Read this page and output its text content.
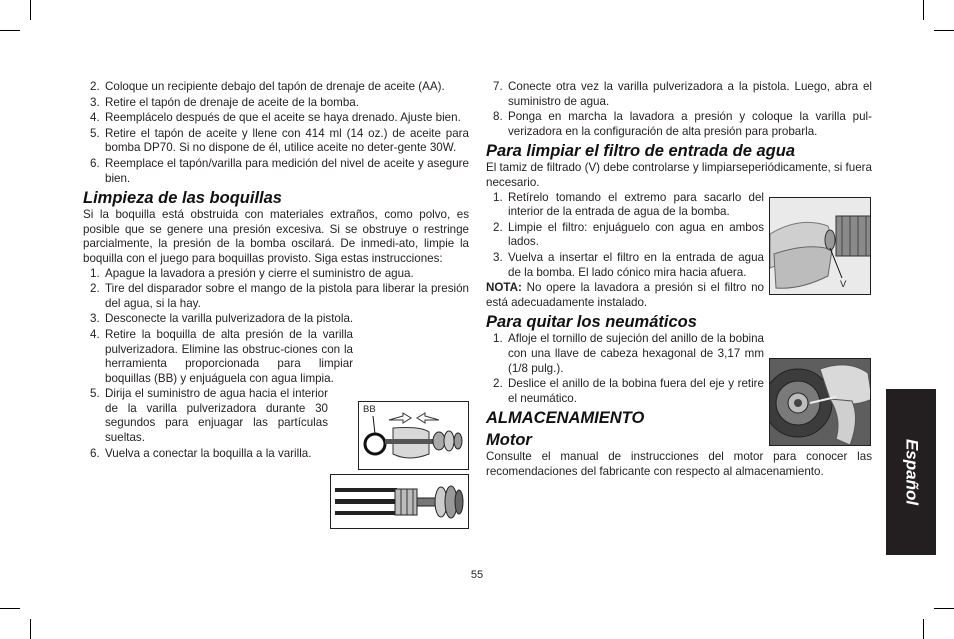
2. Coloque un recipiente debajo del tapón de drenaje de aceite (AA).
3. Retire el tapón de drenaje de aceite de la bomba.
4. Reemplácelo después de que el aceite se haya drenado. Ajuste bien.
5. Retire el tapón de aceite y llene con 414 ml (14 oz.) de aceite para bomba DP70. Si no dispone de él, utilice aceite no deter-gente 30W.
6. Reemplace el tapón/varilla para medición del nivel de aceite y asegure bien.
Limpieza de las boquillas

Si la boquilla está obstruida con materiales extraños, como polvo, es posible que se genere una presión excesiva. Si se obstruye o restringe parcialmente, la presión de la bomba oscilará. De inmedi-ato, limpie la boquilla con el juego para boquillas provisto. Siga estas instrucciones:

1. Apague la lavadora a presión y cierre el suministro de agua.
2. Tire del disparador sobre el mango de la pistola para liberar la presión del agua, si la hay.
3. Desconecte la varilla pulverizadora de la pistola.
4. Retire la boquilla de alta presión de la varilla pulverizadora. Elimine las obstruc-ciones con la herramienta proporcionada para limpiar boquillas (BB) y enjuáguela con agua limpia.
5. Dirija el suministro de agua hacia el interior de la varilla pulverizadora durante 30 segundos para enjuagar las partículas sueltas.
6. Vuelva a conectar la boquilla a la varilla.
BB
7. Conecte otra vez la varilla pulverizadora a la pistola. Luego, abra el suministro de agua.
8. Ponga en marcha la lavadora a presión y coloque la varilla pul-verizadora en la configuración de alta presión para probarla.
Para limpiar el filtro de entrada de agua

El tamiz de filtrado (V) debe controlarse y limpiarseperiódicamente, si fuera necesario.

1. Retírelo tomando el extremo para sacarlo del interior de la entrada de agua de la bomba.
2. Limpie el filtro: enjuáguelo con agua en ambos lados.
3. Vuelva a insertar el filtro en la entrada de agua de la bomba. El lado cónico mira hacia afuera.

NOTA: No opere la lavadora a presión si el filtro no está adecuadamente instalado.

Para quitar los neumáticos
1. Afloje el tornillo de sujeción del anillo de la bobina con una llave de cabeza hexagonal de 3,17 mm (1/8 pulg.).
2. Deslice el anillo de la bobina fuera del eje y retire el neumático.
ALMACENAMIENTO
Motor

Consulte el manual de instrucciones del motor para conocer las recomendaciones del fabricante con respecto al almacenamiento.

V
Español
55
